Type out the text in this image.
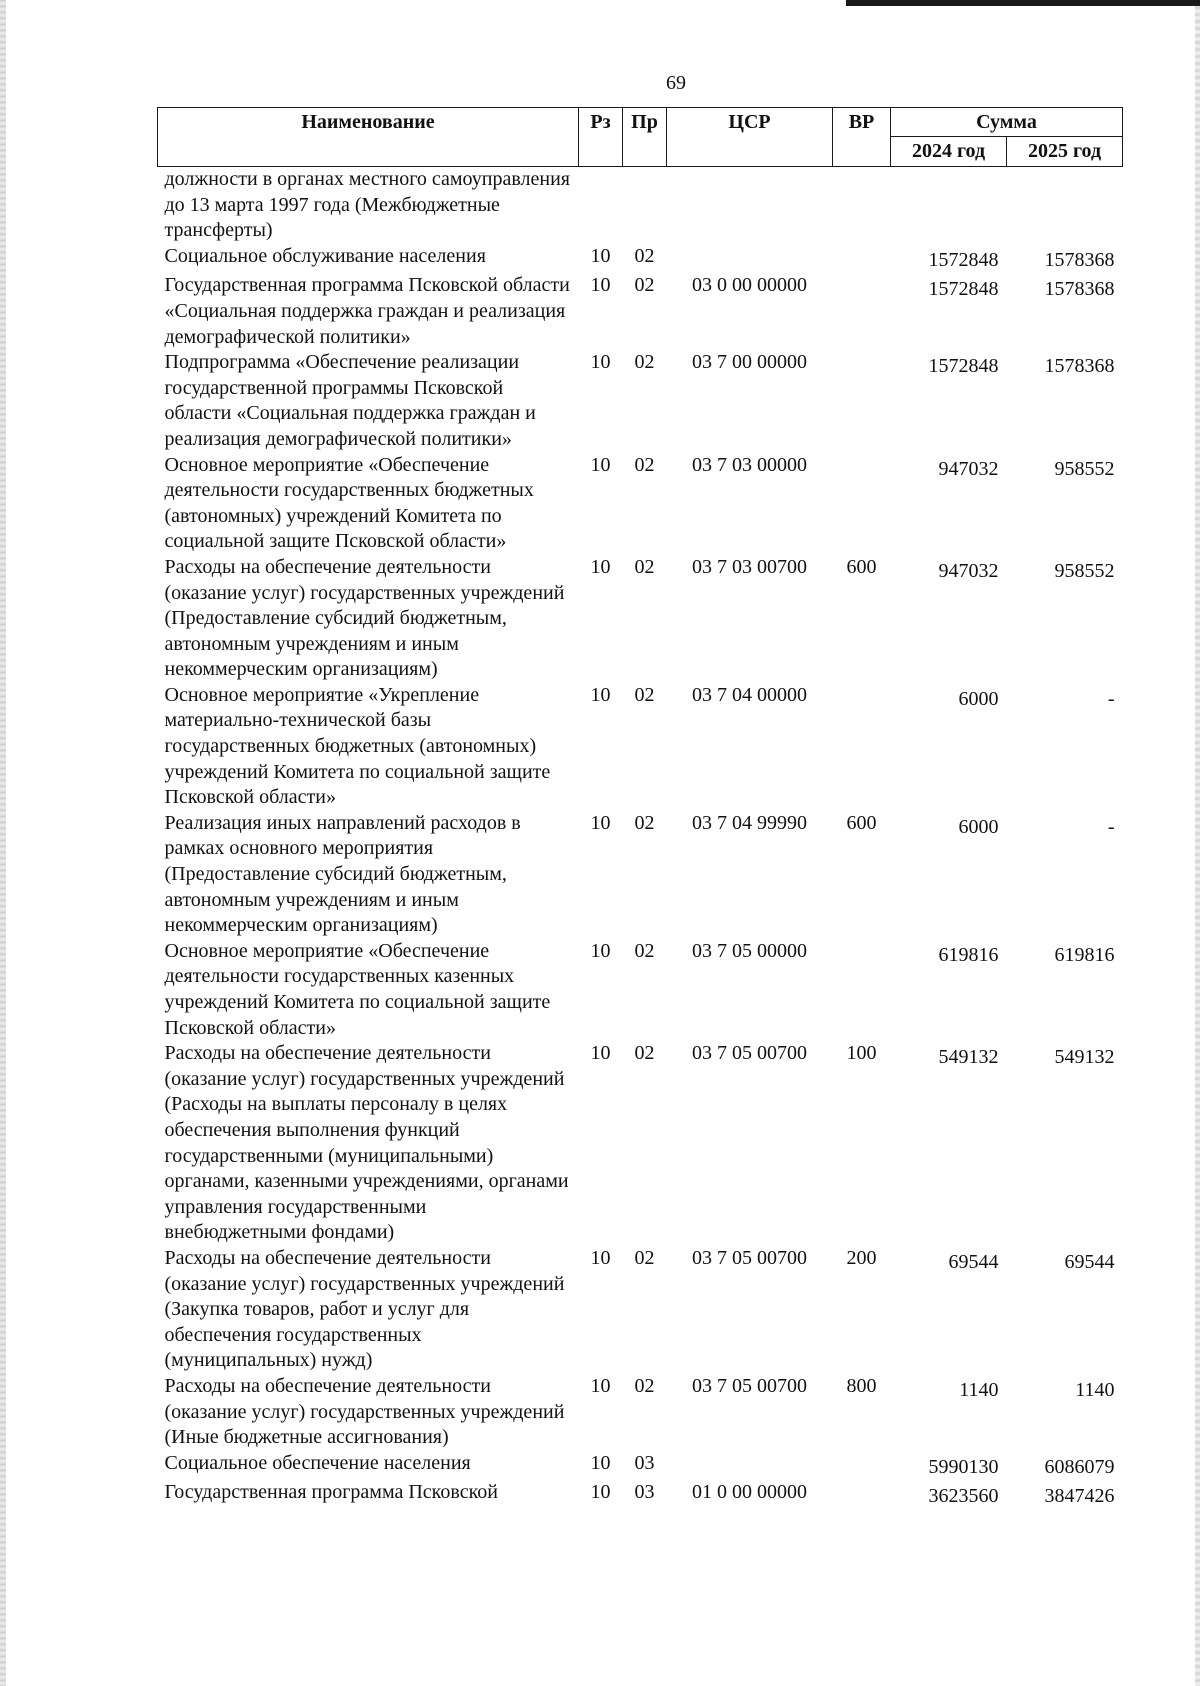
69
Наименование	Рз	Пр	ЦСР	ВР	Сумма	
					2024 год	2025 год
должности в органах местного самоуправления до 13 марта 1997 года (Межбюджетные трансферты)						
Социальное обслуживание населения	10	02			1572848	1578368
Государственная программа Псковской области «Социальная поддержка граждан и реализация демографической политики»	10	02	03 0 00 00000		1572848	1578368
Подпрограмма «Обеспечение реализации государственной программы Псковской области «Социальная поддержка граждан и реализация демографической политики»	10	02	03 7 00 00000		1572848	1578368
Основное мероприятие «Обеспечение деятельности государственных бюджетных (автономных) учреждений Комитета по социальной защите Псковской области»	10	02	03 7 03 00000		947032	958552
Расходы на обеспечение деятельности (оказание услуг) государственных учреждений (Предоставление субсидий бюджетным, автономным учреждениям и иным некоммерческим организациям)	10	02	03 7 03 00700	600	947032	958552
Основное мероприятие «Укрепление материально-технической базы государственных бюджетных (автономных) учреждений Комитета по социальной защите Псковской области»	10	02	03 7 04 00000		6000	-
Реализация иных направлений расходов в рамках основного мероприятия (Предоставление субсидий бюджетным, автономным учреждениям и иным некоммерческим организациям)	10	02	03 7 04 99990	600	6000	-
Основное мероприятие «Обеспечение деятельности государственных казенных учреждений Комитета по социальной защите Псковской области»	10	02	03 7 05 00000		619816	619816
Расходы на обеспечение деятельности (оказание услуг) государственных учреждений (Расходы на выплаты персоналу в целях обеспечения выполнения функций государственными (муниципальными) органами, казенными учреждениями, органами управления государственными внебюджетными фондами)	10	02	03 7 05 00700	100	549132	549132
Расходы на обеспечение деятельности (оказание услуг) государственных учреждений (Закупка товаров, работ и услуг для обеспечения государственных (муниципальных) нужд)	10	02	03 7 05 00700	200	69544	69544
Расходы на обеспечение деятельности (оказание услуг) государственных учреждений (Иные бюджетные ассигнования)	10	02	03 7 05 00700	800	1140	1140
Социальное обеспечение населения	10	03			5990130	6086079
Государственная программа Псковской	10	03	01 0 00 00000		3623560	3847426
